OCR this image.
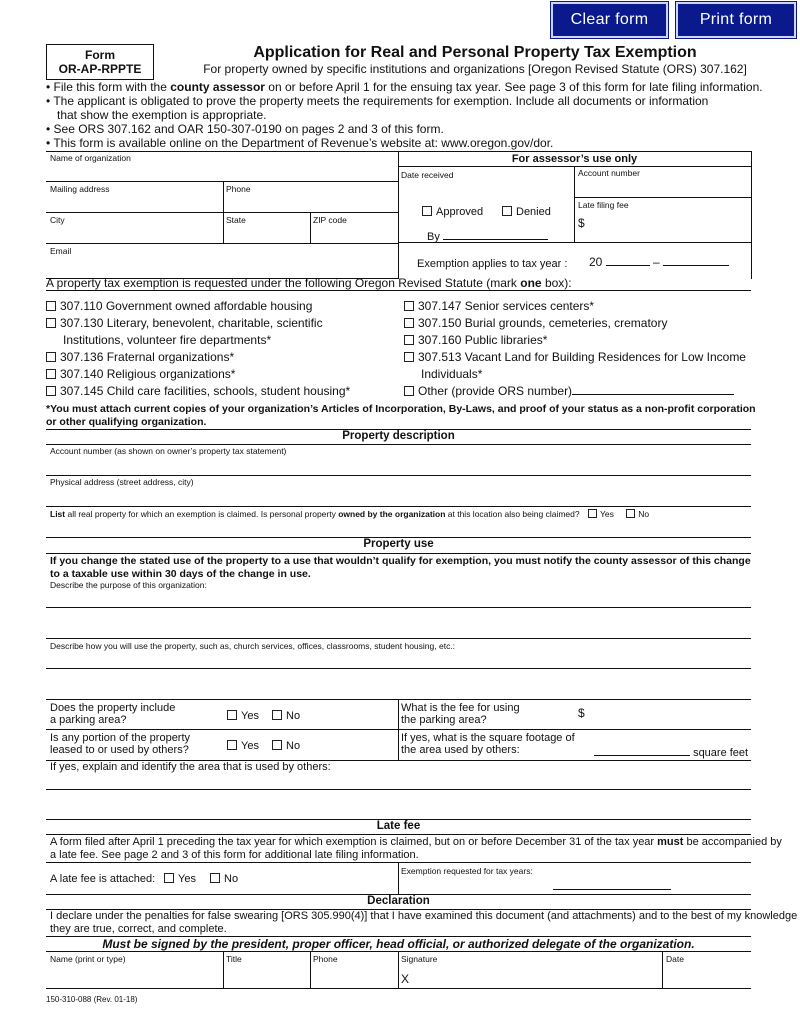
Clear form	Print form
Form
OR-AP-RPPTE
Application for Real and Personal Property Tax Exemption
For property owned by specific institutions and organizations [Oregon Revised Statute (ORS) 307.162]
• File this form with the county assessor on or before April 1 for the ensuing tax year. See page 3 of this form for late filing information.
• The applicant is obligated to prove the property meets the requirements for exemption. Include all documents or information
that show the exemption is appropriate.
• See ORS 307.162 and OAR 150-307-0190 on pages 2 and 3 of this form.
• This form is available online on the Department of Revenue’s website at: www.oregon.gov/dor.
Name of organization
Mailing address	Phone
City	State	ZIP code
Email
For assessor’s use only
Date received	Account number
Approved	Denied
By
Late filing fee
$
Exemption applies to tax year : 20	–
A property tax exemption is requested under the following Oregon Revised Statute (mark one box):
307.110 Government owned affordable housing
307.130 Literary, benevolent, charitable, scientific
Institutions, volunteer fire departments*
307.136 Fraternal organizations*
307.140 Religious organizations*
307.145 Child care facilities, schools, student housing*
307.147 Senior services centers*
307.150 Burial grounds, cemeteries, crematory
307.160 Public libraries*
307.513 Vacant Land for Building Residences for Low Income
Individuals*
Other (provide ORS number)
*You must attach current copies of your organization’s Articles of Incorporation, By-Laws, and proof of your status as a non-profit corporation
or other qualifying organization.
Property description
Account number (as shown on owner’s property tax statement)
Physical address (street address, city)
List all real property for which an exemption is claimed. Is personal property owned by the organization at this location also being claimed? Yes	No
Property use
If you change the stated use of the property to a use that wouldn’t qualify for exemption, you must notify the county assessor of this change
to a taxable use within 30 days of the change in use.
Describe the purpose of this organization:
Describe how you will use the property, such as, church services, offices, classrooms, student housing, etc.:
Does the property include
a parking area?	Yes	No
What is the fee for using
the parking area?	$
Is any portion of the property
leased to or used by others?	Yes	No
If yes, what is the square footage of
the area used by others:	square feet
If yes, explain and identify the area that is used by others:
Late fee
A form filed after April 1 preceding the tax year for which exemption is claimed, but on or before December 31 of the tax year must be accompanied by
a late fee. See page 2 and 3 of this form for additional late filing information.
A late fee is attached:	Yes	No
Exemption requested for tax years:
Declaration
I declare under the penalties for false swearing [ORS 305.990(4)] that I have examined this document (and attachments) and to the best of my knowledge
they are true, correct, and complete.
Must be signed by the president, proper officer, head official, or authorized delegate of the organization.
Name (print or type)	Title	Phone	Signature
X
Date
150-310-088 (Rev. 01-18)
